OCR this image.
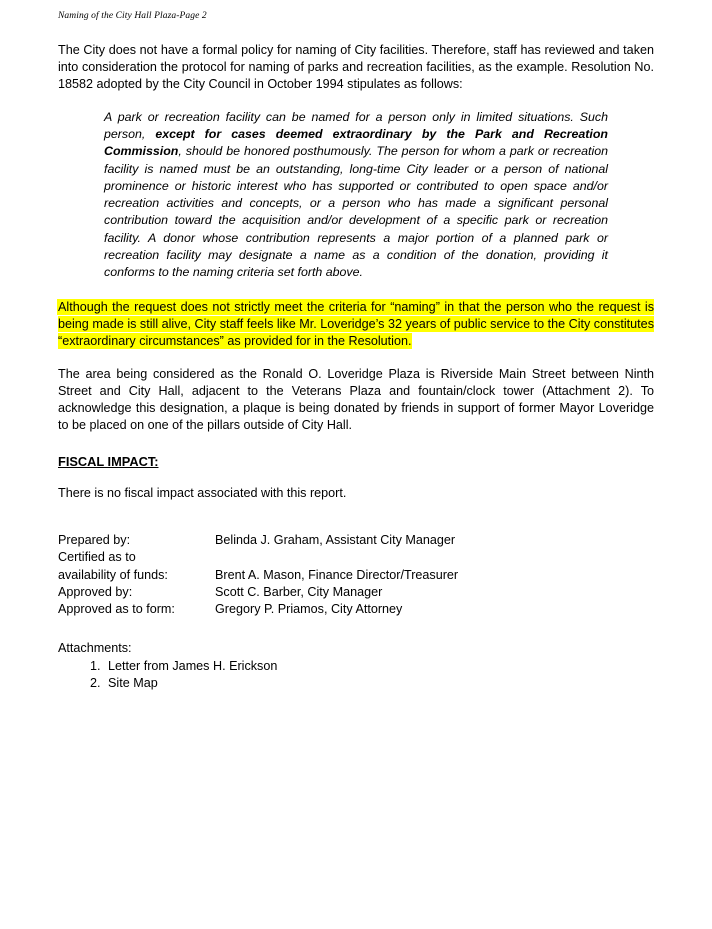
Naming of the City Hall Plaza-Page 2

The City does not have a formal policy for naming of City facilities. Therefore, staff has reviewed and taken into consideration the protocol for naming of parks and recreation facilities, as the example. Resolution No. 18582 adopted by the City Council in October 1994 stipulates as follows:

A park or recreation facility can be named for a person only in limited situations. Such person, except for cases deemed extraordinary by the Park and Recreation Commission, should be honored posthumously. The person for whom a park or recreation facility is named must be an outstanding, long-time City leader or a person of national prominence or historic interest who has supported or contributed to open space and/or recreation activities and concepts, or a person who has made a significant personal contribution toward the acquisition and/or development of a specific park or recreation facility. A donor whose contribution represents a major portion of a planned park or recreation facility may designate a name as a condition of the donation, providing it conforms to the naming criteria set forth above.

Although the request does not strictly meet the criteria for “naming” in that the person who the request is being made is still alive, City staff feels like Mr. Loveridge’s 32 years of public service to the City constitutes “extraordinary circumstances” as provided for in the Resolution.

The area being considered as the Ronald O. Loveridge Plaza is Riverside Main Street between Ninth Street and City Hall, adjacent to the Veterans Plaza and fountain/clock tower (Attachment 2). To acknowledge this designation, a plaque is being donated by friends in support of former Mayor Loveridge to be placed on one of the pillars outside of City Hall.

FISCAL IMPACT:

There is no fiscal impact associated with this report.

Prepared by:	Belinda J. Graham, Assistant City Manager
Certified as to	
availability of funds:	Brent A. Mason, Finance Director/Treasurer
Approved by:	Scott C. Barber, City Manager
Approved as to form:	Gregory P. Priamos, City Attorney
Attachments:
1. Letter from James H. Erickson
2. Site Map
